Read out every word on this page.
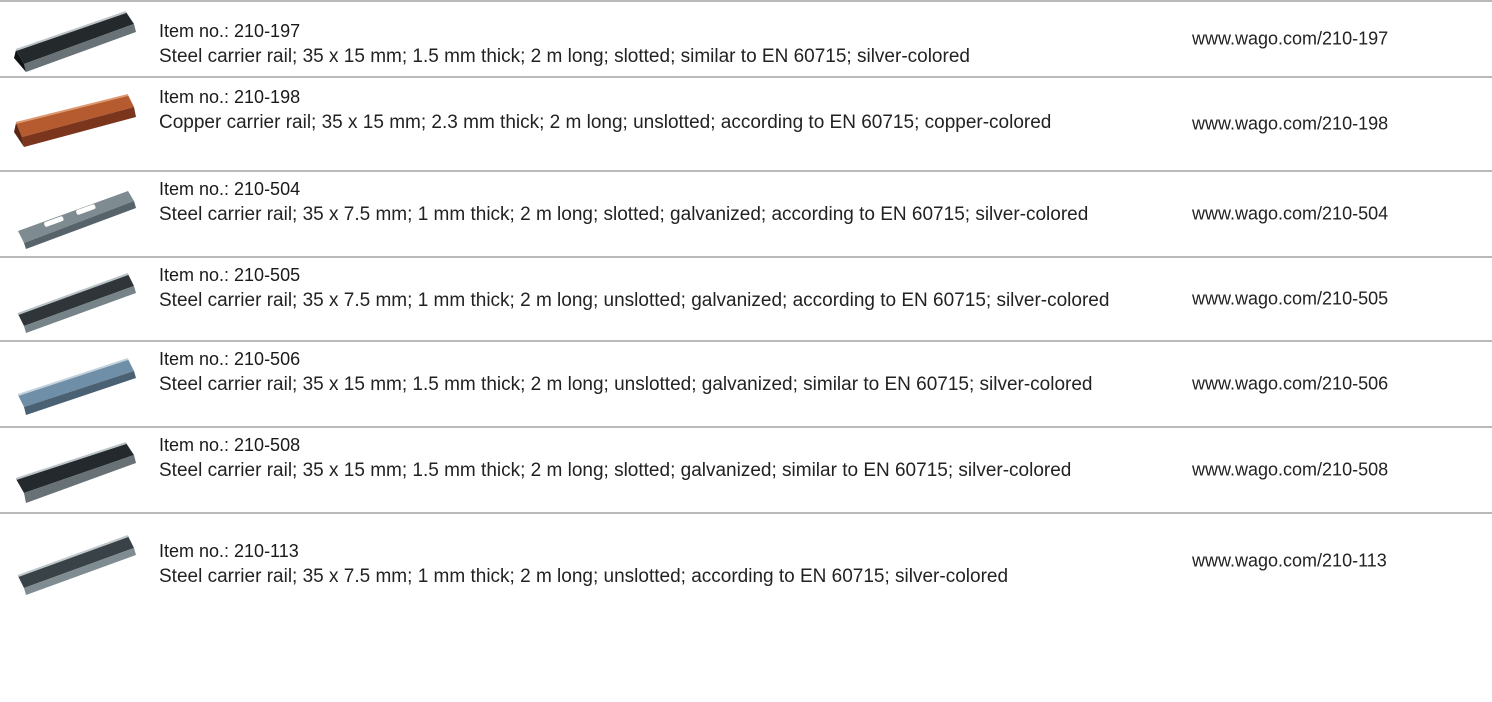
Item no.: 210-197
Steel carrier rail; 35 x 15 mm; 1.5 mm thick; 2 m long; slotted; similar to EN 60715; silver-colored
www.wago.com/210-197
Item no.: 210-198
Copper carrier rail; 35 x 15 mm; 2.3 mm thick; 2 m long; unslotted; according to EN 60715; copper-colored	www.wago.com/210-198
Item no.: 210-504
Steel carrier rail; 35 x 7.5 mm; 1 mm thick; 2 m long; slotted; galvanized; according to EN 60715; silver-colored	www.wago.com/210-504
Item no.: 210-505
Steel carrier rail; 35 x 7.5 mm; 1 mm thick; 2 m long; unslotted; galvanized; according to EN 60715; silver-colored	www.wago.com/210-505
Item no.: 210-506
Steel carrier rail; 35 x 15 mm; 1.5 mm thick; 2 m long; unslotted; galvanized; similar to EN 60715; silver-colored	www.wago.com/210-506
Item no.: 210-508
Steel carrier rail; 35 x 15 mm; 1.5 mm thick; 2 m long; slotted; galvanized; similar to EN 60715; silver-colored	www.wago.com/210-508
Item no.: 210-113
Steel carrier rail; 35 x 7.5 mm; 1 mm thick; 2 m long; unslotted; according to EN 60715; silver-colored
www.wago.com/210-113
